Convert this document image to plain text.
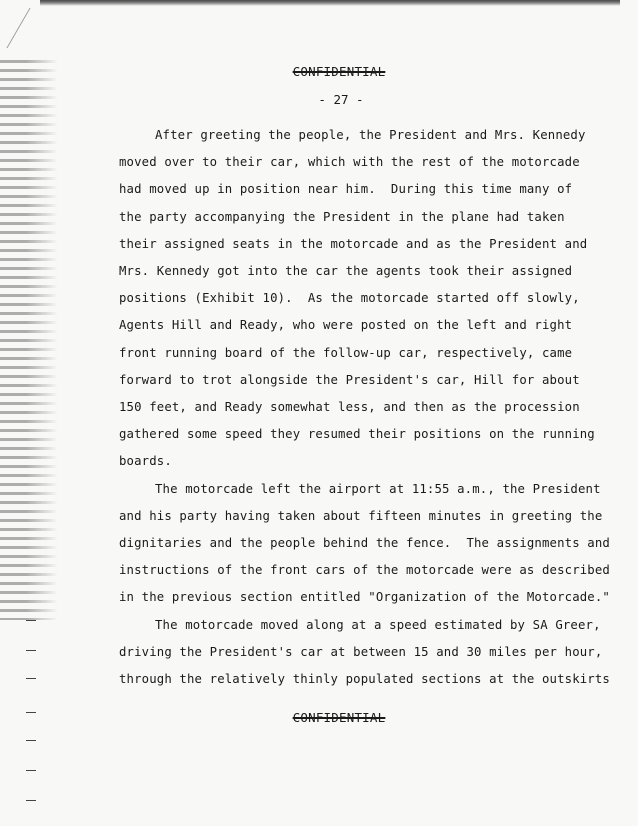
CONFIDENTIAL
- 27 -
After greeting the people, the President and Mrs. Kennedy
moved over to their car, which with the rest of the motorcade
had moved up in position near him.  During this time many of
the party accompanying the President in the plane had taken
their assigned seats in the motorcade and as the President and
Mrs. Kennedy got into the car the agents took their assigned
positions (Exhibit 10).  As the motorcade started off slowly,
Agents Hill and Ready, who were posted on the left and right
front running board of the follow-up car, respectively, came
forward to trot alongside the President's car, Hill for about
150 feet, and Ready somewhat less, and then as the procession
gathered some speed they resumed their positions on the running
boards.
The motorcade left the airport at 11:55 a.m., the President
and his party having taken about fifteen minutes in greeting the
dignitaries and the people behind the fence.  The assignments and
instructions of the front cars of the motorcade were as described
in the previous section entitled "Organization of the Motorcade."
The motorcade moved along at a speed estimated by SA Greer,
driving the President's car at between 15 and 30 miles per hour,
through the relatively thinly populated sections at the outskirts
CONFIDENTIAL
